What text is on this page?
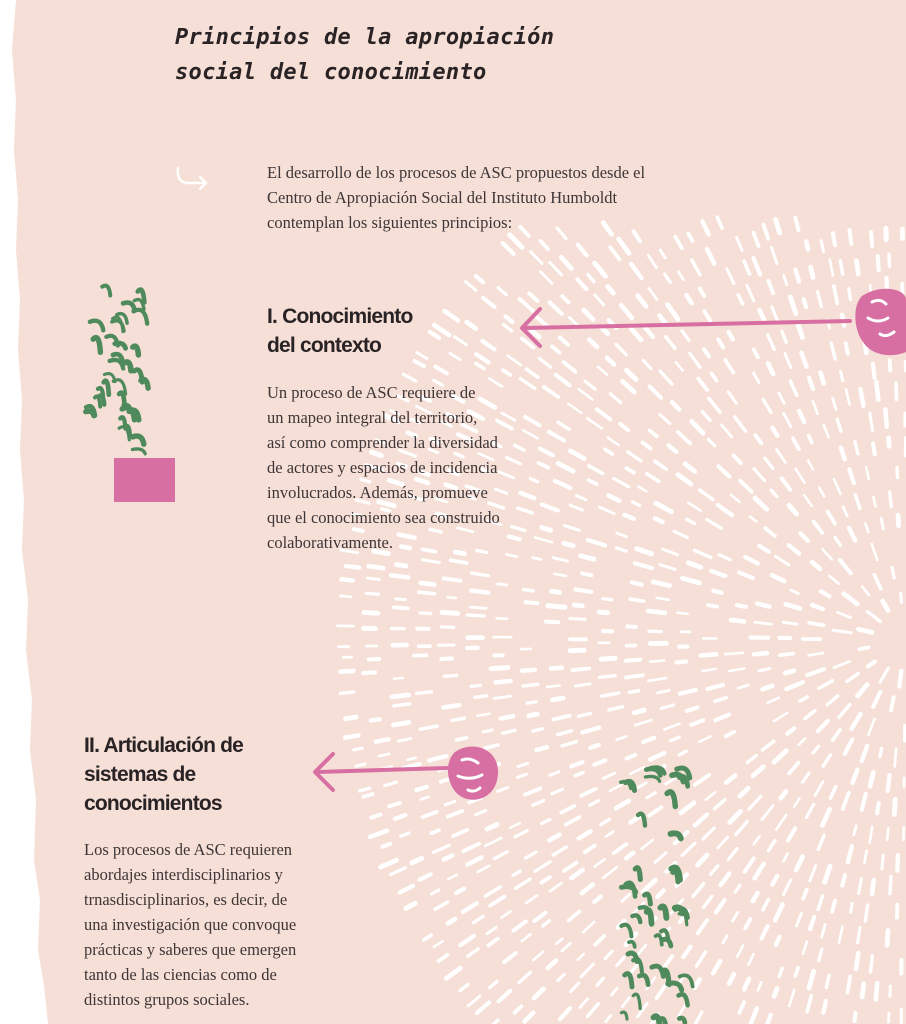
Principios de la apropiación
social del conocimiento

El desarrollo de los procesos de ASC propuestos desde el Centro de Apropiación Social del Instituto Humboldt contemplan los siguientes principios:

I. Conocimiento
del contexto

Un proceso de ASC requiere de
un mapeo integral del territorio,
así como comprender la diversidad
de actores y espacios de incidencia
involucrados. Además, promueve
que el conocimiento sea construido
colaborativamente.

II. Articulación de
sistemas de
conocimientos

Los procesos de ASC requieren
abordajes interdisciplinarios y
trnasdisciplinarios, es decir, de
una investigación que convoque
prácticas y saberes que emergen
tanto de las ciencias como de
distintos grupos sociales.
